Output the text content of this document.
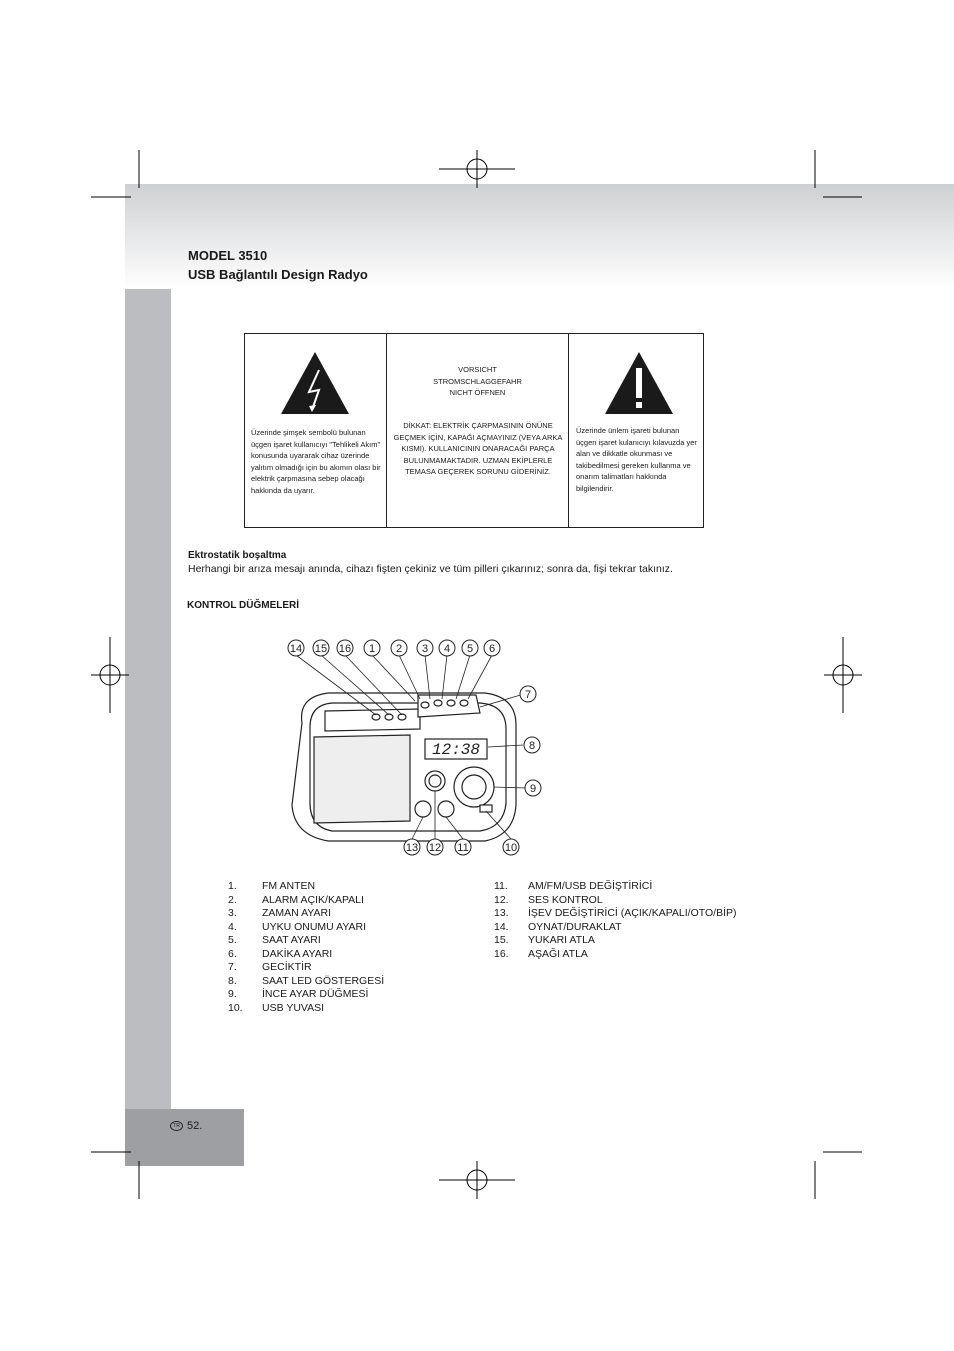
MODEL 3510
USB Bağlantılı Design Radyo
Üzerinde şimşek sembolü bulunan üçgen işaret kullanıcıyı "Tehlikeli Akım" konusunda uyararak cihaz üzerinde yalıtım olmadığı için bu akımın olası bir elektrik çarpmasına sebep olacağı hakkında da uyarır.
VORSICHT
STROMSCHLAGGEFAHR
NICHT ÖFFNEN
DİKKAT: ELEKTRİK ÇARPMASININ ÖNÜNE GEÇMEK İÇİN, KAPAĞI AÇMAYINIZ (VEYA ARKA KISMI). KULLANICININ ONARACAĞI PARÇA BULUNMAMAKTADIR. UZMAN EKİPLERLE TEMASA GEÇEREK SORUNU GİDERİNİZ.
Üzerinde ünlem işareti bulunan üçgen işaret kulanıcıyı kılavuzda yer alan ve dikkatle okunması ve takibedilmesi gereken kullanma ve onarım talimatları hakkında bilgilendirir.
Ektrostatik boşaltma
Herhangi bir arıza mesajı anında, cihazı fişten çekiniz ve tüm pilleri çıkarınız; sonra da, fişi tekrar takınız.
KONTROL DÜĞMELERİ
12:38
14 15 16 1 2 3 4 5 6
7
8
9
13 12 11	10
1.	FM ANTEN
2.	ALARM AÇIK/KAPALI
3.	ZAMAN AYARI
4.	UYKU ONUMU AYARI
5.	SAAT AYARI
6.	DAKİKA AYARI
7.	GECİKTİR
8.	SAAT LED GÖSTERGESİ
9.	İNCE AYAR DÜĞMESİ
10.	USB YUVASI
11.	AM/FM/USB DEĞİŞTİRİCİ
12.	SES KONTROL
13.	İŞEV DEĞİŞTİRİCİ (AÇIK/KAPALI/OTO/BİP)
14.	OYNAT/DURAKLAT
15.	YUKARI ATLA
16.	AŞAĞI ATLA
TR 52.
